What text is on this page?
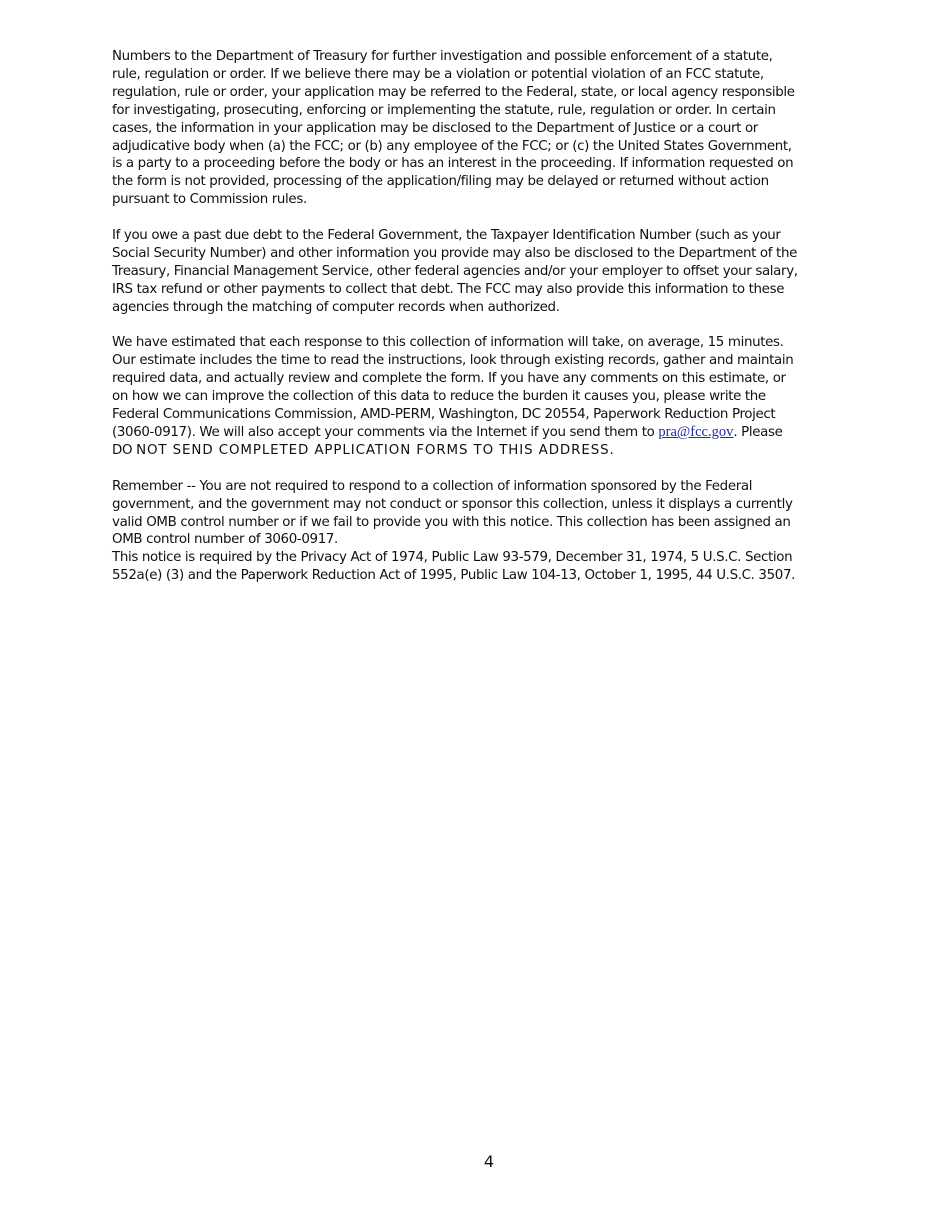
Numbers to the Department of Treasury for further investigation and possible enforcement of a statute, rule, regulation or order. If we believe there may be a violation or potential violation of an FCC statute, regulation, rule or order, your application may be referred to the Federal, state, or local agency responsible for investigating, prosecuting, enforcing or implementing the statute, rule, regulation or order. In certain cases, the information in your application may be disclosed to the Department of Justice or a court or adjudicative body when (a) the FCC; or (b) any employee of the FCC; or (c) the United States Government, is a party to a proceeding before the body or has an interest in the proceeding. If information requested on the form is not provided, processing of the application/filing may be delayed or returned without action pursuant to Commission rules.

If you owe a past due debt to the Federal Government, the Taxpayer Identification Number (such as your Social Security Number) and other information you provide may also be disclosed to the Department of the Treasury, Financial Management Service, other federal agencies and/or your employer to offset your salary, IRS tax refund or other payments to collect that debt. The FCC may also provide this information to these agencies through the matching of computer records when authorized.

We have estimated that each response to this collection of information will take, on average, 15 minutes. Our estimate includes the time to read the instructions, look through existing records, gather and maintain required data, and actually review and complete the form. If you have any comments on this estimate, or on how we can improve the collection of this data to reduce the burden it causes you, please write the Federal Communications Commission, AMD-PERM, Washington, DC 20554, Paperwork Reduction Project (3060-0917). We will also accept your comments via the Internet if you send them to pra@fcc.gov. Please DO NOT SEND COMPLETED APPLICATION FORMS TO THIS ADDRESS.

Remember -- You are not required to respond to a collection of information sponsored by the Federal government, and the government may not conduct or sponsor this collection, unless it displays a currently valid OMB control number or if we fail to provide you with this notice. This collection has been assigned an OMB control number of 3060-0917.

This notice is required by the Privacy Act of 1974, Public Law 93-579, December 31, 1974, 5 U.S.C. Section 552a(e) (3) and the Paperwork Reduction Act of 1995, Public Law 104-13, October 1, 1995, 44 U.S.C. 3507.

4
